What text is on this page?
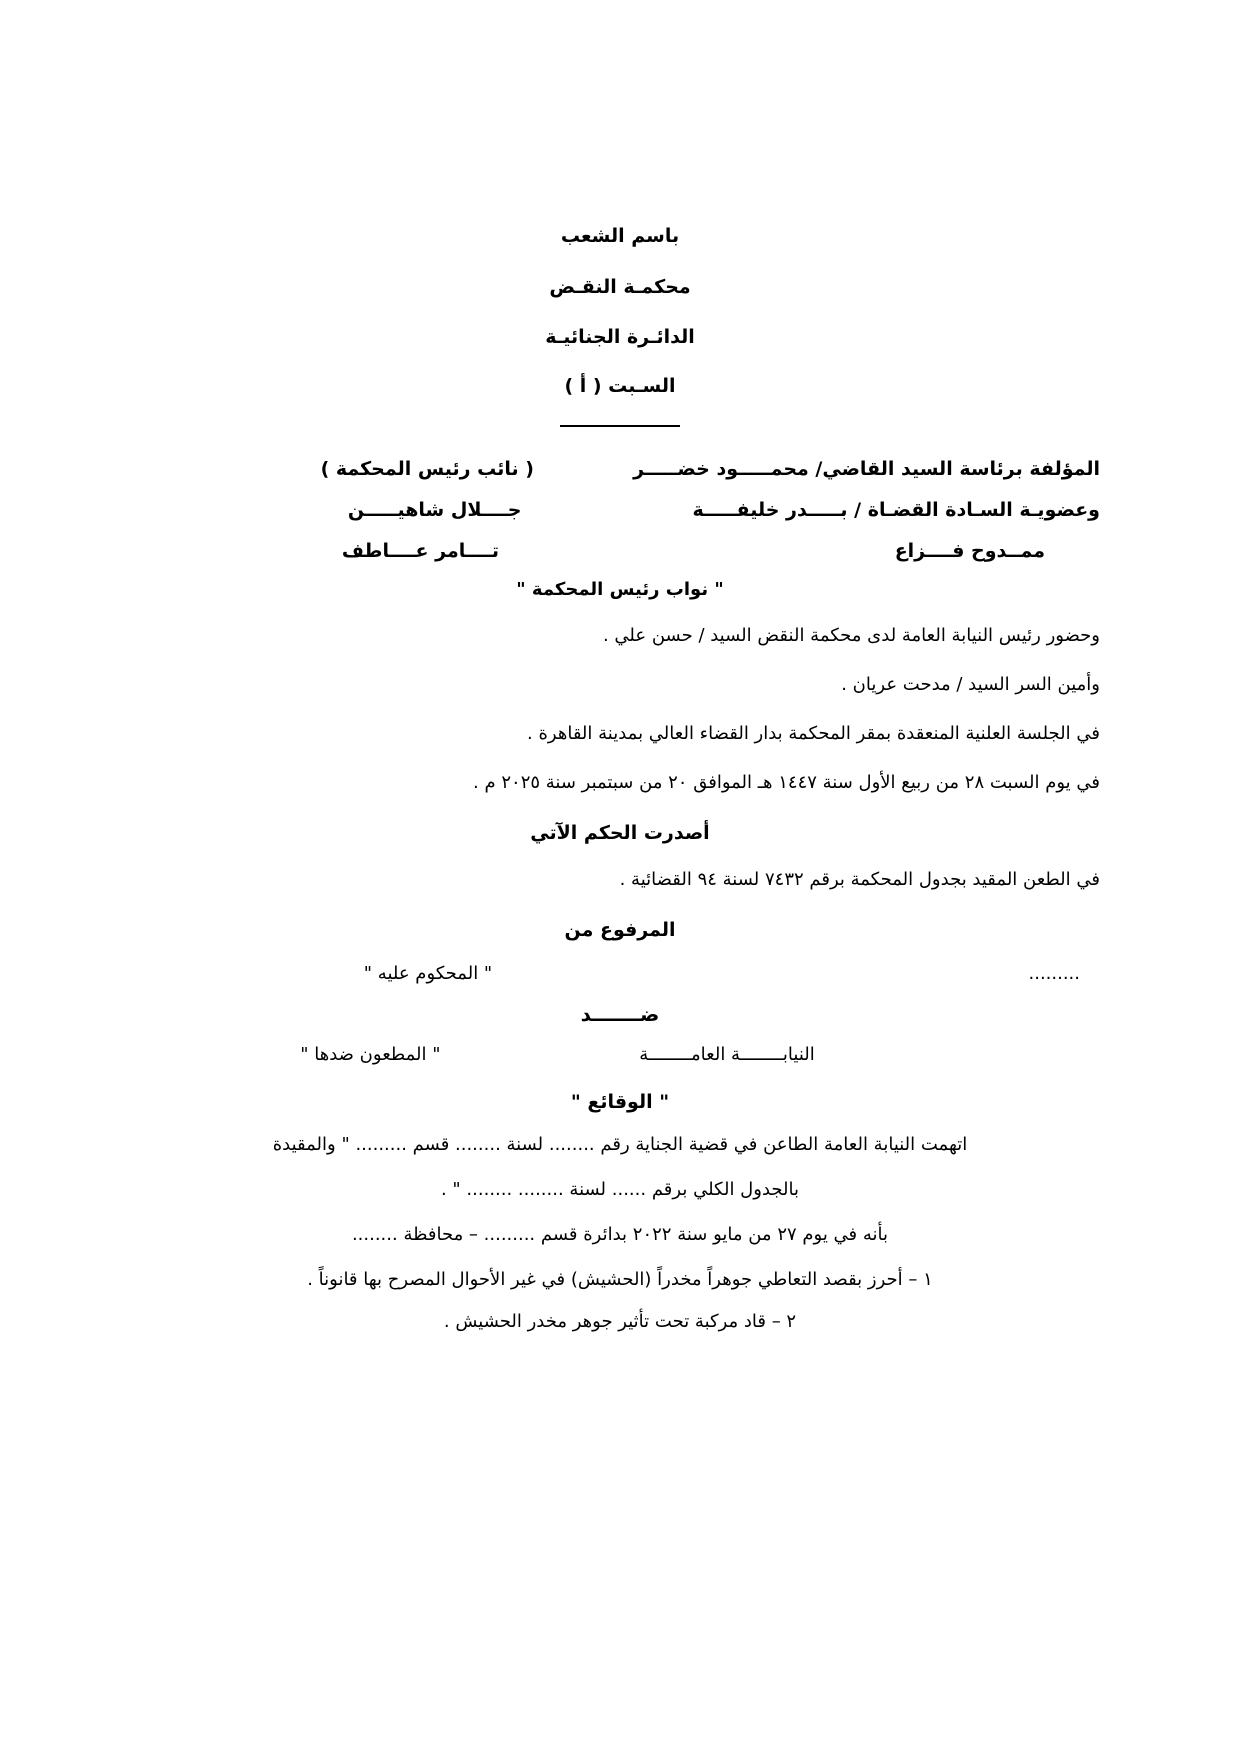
باسم الشعب
محكمـة النقـض
الدائـرة الجنائيـة
السـبت ( أ )
المؤلفة برئاسة السيد القاضي/ محمـــــود خضـــــر
( نائب رئيس المحكمة )
وعضويـة السـادة القضـاة / بـــــدر خليفـــــة
جــــلال شاهيـــــن
ممــدوح فــــزاع
تــــامر عــــاطف
" نواب رئيس المحكمة "
وحضور رئيس النيابة العامة لدى محكمة النقض السيد / حسن علي .
وأمين السر السيد / مدحت عريان .
في الجلسة العلنية المنعقدة بمقر المحكمة بدار القضاء العالي بمدينة القاهرة .
في يوم السبت ٢٨ من ربيع الأول سنة ١٤٤٧ هـ الموافق ٢٠ من سبتمبر سنة ٢٠٢٥ م .
أصدرت الحكم الآتي
في الطعن المقيد بجدول المحكمة برقم ٧٤٣٢ لسنة ٩٤ القضائية .
المرفوع من
.........
" المحكوم عليه "
ضـــــــد
النيابــــــــة العامــــــــة
" المطعون ضدها "
" الوقائع "
اتهمت النيابة العامة الطاعن في قضية الجناية رقم ........ لسنة ........ قسم ......... " والمقيدة
بالجدول الكلي برقم ...... لسنة ........ ........ " .
بأنه في يوم ٢٧ من مايو سنة ٢٠٢٢ بدائرة قسم ......... – محافظة ........
١ – أحرز بقصد التعاطي جوهراً مخدراً (الحشيش) في غير الأحوال المصرح بها قانوناً .
٢ – قاد مركبة تحت تأثير جوهر مخدر الحشيش .
